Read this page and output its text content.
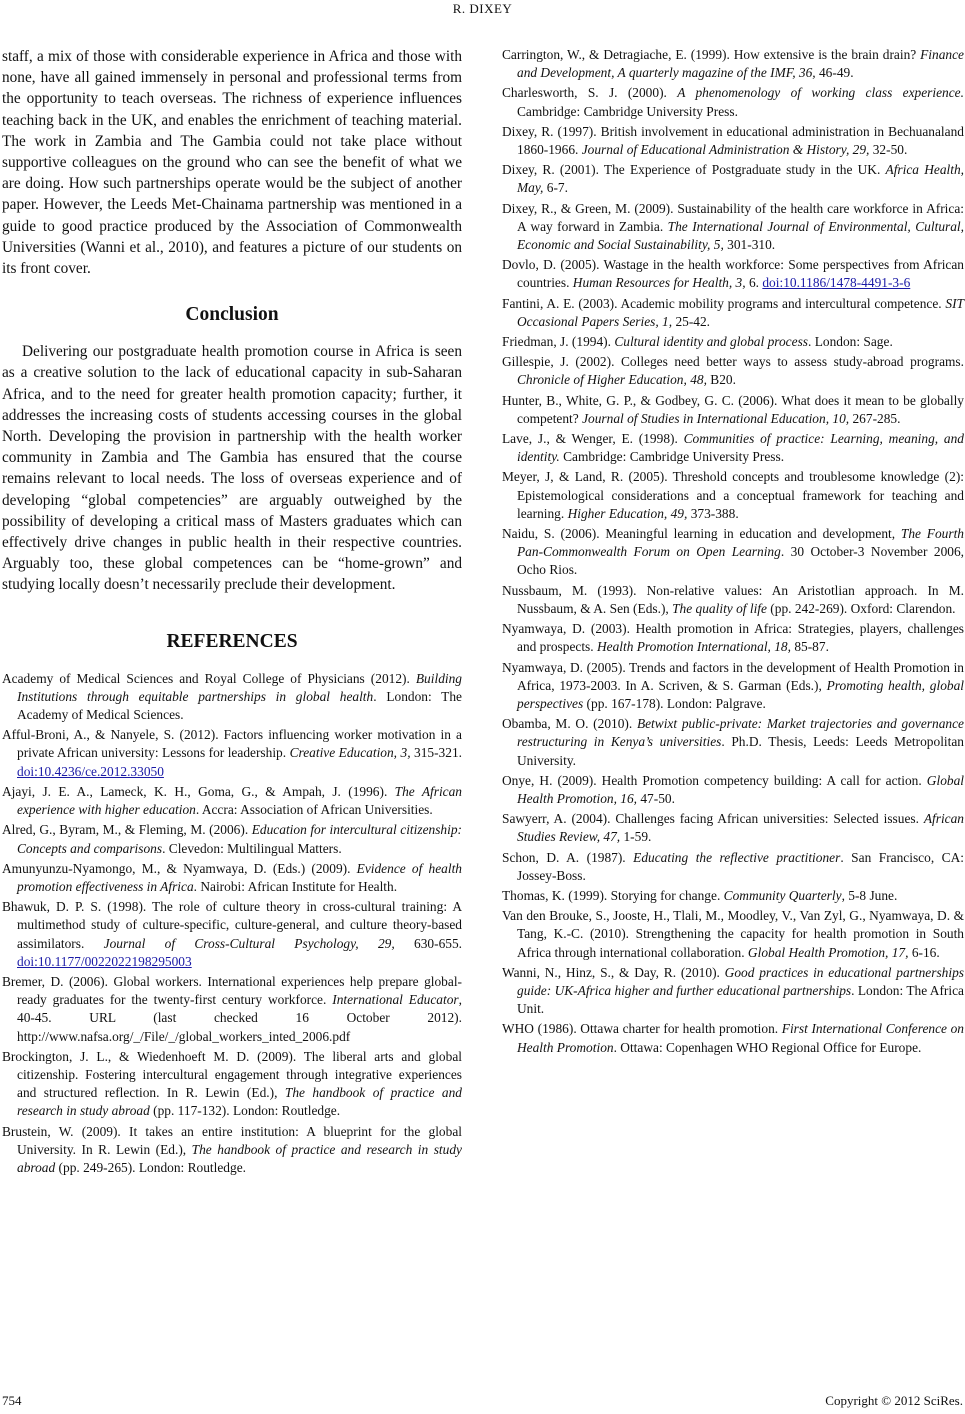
R. DIXEY

staff, a mix of those with considerable experience in Africa and those with none, have all gained immensely in personal and professional terms from the opportunity to teach overseas. The richness of experience influences teaching back in the UK, and enables the enrichment of teaching material. The work in Zambia and The Gambia could not take place without supportive colleagues on the ground who can see the benefit of what we are doing. How such partnerships operate would be the subject of another paper. However, the Leeds Met-Chainama partnership was mentioned in a guide to good practice produced by the Association of Commonwealth Universities (Wanni et al., 2010), and features a picture of our students on its front cover.

Conclusion

Delivering our postgraduate health promotion course in Africa is seen as a creative solution to the lack of educational capacity in sub-Saharan Africa, and to the need for greater health promotion capacity; further, it addresses the increasing costs of students accessing courses in the global North. Developing the provision in partnership with the health worker community in Zambia and The Gambia has ensured that the course remains relevant to local needs. The loss of overseas experience and of developing “global competencies” are arguably outweighed by the possibility of developing a critical mass of Masters graduates which can effectively drive changes in public health in their respective countries. Arguably too, these global competences can be “home-grown” and studying locally doesn’t necessarily preclude their development.

REFERENCES

Academy of Medical Sciences and Royal College of Physicians (2012). Building Institutions through equitable partnerships in global health. London: The Academy of Medical Sciences.

Afful-Broni, A., & Nanyele, S. (2012). Factors influencing worker motivation in a private African university: Lessons for leadership. Creative Education, 3, 315-321. doi:10.4236/ce.2012.33050

Ajayi, J. E. A., Lameck, K. H., Goma, G., & Ampah, J. (1996). The African experience with higher education. Accra: Association of African Universities.

Alred, G., Byram, M., & Fleming, M. (2006). Education for intercultural citizenship: Concepts and comparisons. Clevedon: Multilingual Matters.

Amunyunzu-Nyamongo, M., & Nyamwaya, D. (Eds.) (2009). Evidence of health promotion effectiveness in Africa. Nairobi: African Institute for Health.

Bhawuk, D. P. S. (1998). The role of culture theory in cross-cultural training: A multimethod study of culture-specific, culture-general, and culture theory-based assimilators. Journal of Cross-Cultural Psychology, 29, 630-655. doi:10.1177/0022022198295003

Bremer, D. (2006). Global workers. International experiences help prepare global-ready graduates for the twenty-first century workforce. International Educator, 40-45. URL (last checked 16 October 2012). http://www.nafsa.org/_/File/_/global_workers_inted_2006.pdf

Brockington, J. L., & Wiedenhoeft M. D. (2009). The liberal arts and global citizenship. Fostering intercultural engagement through integrative experiences and structured reflection. In R. Lewin (Ed.), The handbook of practice and research in study abroad (pp. 117-132). London: Routledge.

Brustein, W. (2009). It takes an entire institution: A blueprint for the global University. In R. Lewin (Ed.), The handbook of practice and research in study abroad (pp. 249-265). London: Routledge.

Carrington, W., & Detragiache, E. (1999). How extensive is the brain drain? Finance and Development, A quarterly magazine of the IMF, 36, 46-49.

Charlesworth, S. J. (2000). A phenomenology of working class experience. Cambridge: Cambridge University Press.

Dixey, R. (1997). British involvement in educational administration in Bechuanaland 1860-1966. Journal of Educational Administration & History, 29, 32-50.

Dixey, R. (2001). The Experience of Postgraduate study in the UK. Africa Health, May, 6-7.

Dixey, R., & Green, M. (2009). Sustainability of the health care workforce in Africa: A way forward in Zambia. The International Journal of Environmental, Cultural, Economic and Social Sustainability, 5, 301-310.

Dovlo, D. (2005). Wastage in the health workforce: Some perspectives from African countries. Human Resources for Health, 3, 6. doi:10.1186/1478-4491-3-6

Fantini, A. E. (2003). Academic mobility programs and intercultural competence. SIT Occasional Papers Series, 1, 25-42.

Friedman, J. (1994). Cultural identity and global process. London: Sage.

Gillespie, J. (2002). Colleges need better ways to assess study-abroad programs. Chronicle of Higher Education, 48, B20.

Hunter, B., White, G. P., & Godbey, G. C. (2006). What does it mean to be globally competent? Journal of Studies in International Education, 10, 267-285.

Lave, J., & Wenger, E. (1998). Communities of practice: Learning, meaning, and identity. Cambridge: Cambridge University Press.

Meyer, J, & Land, R. (2005). Threshold concepts and troublesome knowledge (2): Epistemological considerations and a conceptual framework for teaching and learning. Higher Education, 49, 373-388.

Naidu, S. (2006). Meaningful learning in education and development, The Fourth Pan-Commonwealth Forum on Open Learning. 30 October-3 November 2006, Ocho Rios.

Nussbaum, M. (1993). Non-relative values: An Aristotlian approach. In M. Nussbaum, & A. Sen (Eds.), The quality of life (pp. 242-269). Oxford: Clarendon.

Nyamwaya, D. (2003). Health promotion in Africa: Strategies, players, challenges and prospects. Health Promotion International, 18, 85-87.

Nyamwaya, D. (2005). Trends and factors in the development of Health Promotion in Africa, 1973-2003. In A. Scriven, & S. Garman (Eds.), Promoting health, global perspectives (pp. 167-178). London: Palgrave.

Obamba, M. O. (2010). Betwixt public-private: Market trajectories and governance restructuring in Kenya’s universities. Ph.D. Thesis, Leeds: Leeds Metropolitan University.

Onye, H. (2009). Health Promotion competency building: A call for action. Global Health Promotion, 16, 47-50.

Sawyerr, A. (2004). Challenges facing African universities: Selected issues. African Studies Review, 47, 1-59.

Schon, D. A. (1987). Educating the reflective practitioner. San Francisco, CA: Jossey-Boss.

Thomas, K. (1999). Storying for change. Community Quarterly, 5-8 June.

Van den Brouke, S., Jooste, H., Tlali, M., Moodley, V., Van Zyl, G., Nyamwaya, D. & Tang, K.-C. (2010). Strengthening the capacity for health promotion in South Africa through international collaboration. Global Health Promotion, 17, 6-16.

Wanni, N., Hinz, S., & Day, R. (2010). Good practices in educational partnerships guide: UK-Africa higher and further educational partnerships. London: The Africa Unit.

WHO (1986). Ottawa charter for health promotion. First International Conference on Health Promotion. Ottawa: Copenhagen WHO Regional Office for Europe.

754	Copyright © 2012 SciRes.
